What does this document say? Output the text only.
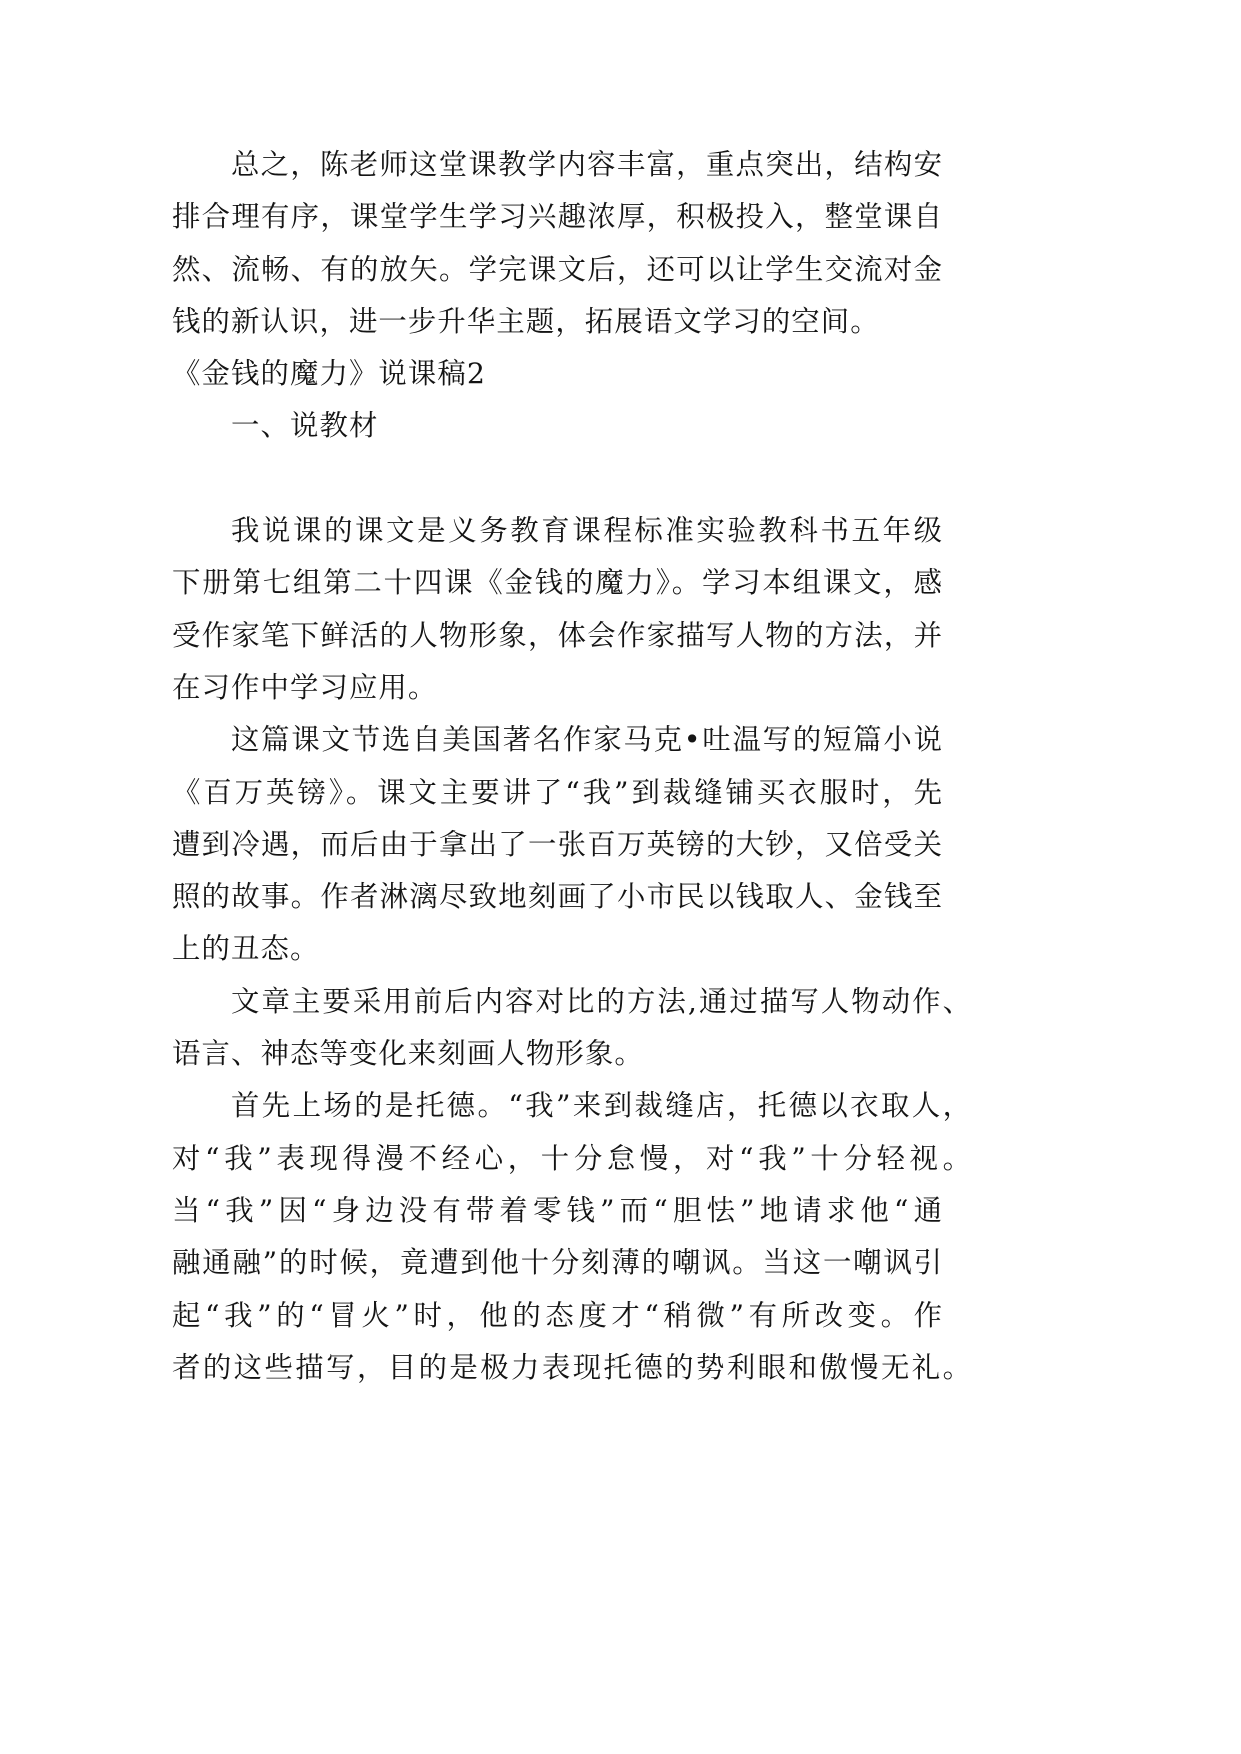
总之，陈老师这堂课教学内容丰富，重点突出，结构安
排合理有序，课堂学生学习兴趣浓厚，积极投入，整堂课自
然、流畅、有的放矢。学完课文后，还可以让学生交流对金
钱的新认识，进一步升华主题，拓展语文学习的空间。
《金钱的魔力》说课稿2
一、说教材
我说课的课文是义务教育课程标准实验教科书五年级
下册第七组第二十四课《金钱的魔力》。学习本组课文，感
受作家笔下鲜活的人物形象，体会作家描写人物的方法，并
在习作中学习应用。
这篇课文节选自美国著名作家马克•吐温写的短篇小说
《百万英镑》。课文主要讲了“我”到裁缝铺买衣服时，先
遭到冷遇，而后由于拿出了一张百万英镑的大钞，又倍受关
照的故事。作者淋漓尽致地刻画了小市民以钱取人、金钱至
上的丑态。
文章主要采用前后内容对比的方法,通过描写人物动作、
语言、神态等变化来刻画人物形象。
首先上场的是托德。“我”来到裁缝店，托德以衣取人，
对“我”表现得漫不经心，十分怠慢，对“我”十分轻视。
当“我”因“身边没有带着零钱”而“胆怯”地请求他“通
融通融”的时候，竟遭到他十分刻薄的嘲讽。当这一嘲讽引
起“我”的“冒火”时，他的态度才“稍微”有所改变。作
者的这些描写，目的是极力表现托德的势利眼和傲慢无礼。
